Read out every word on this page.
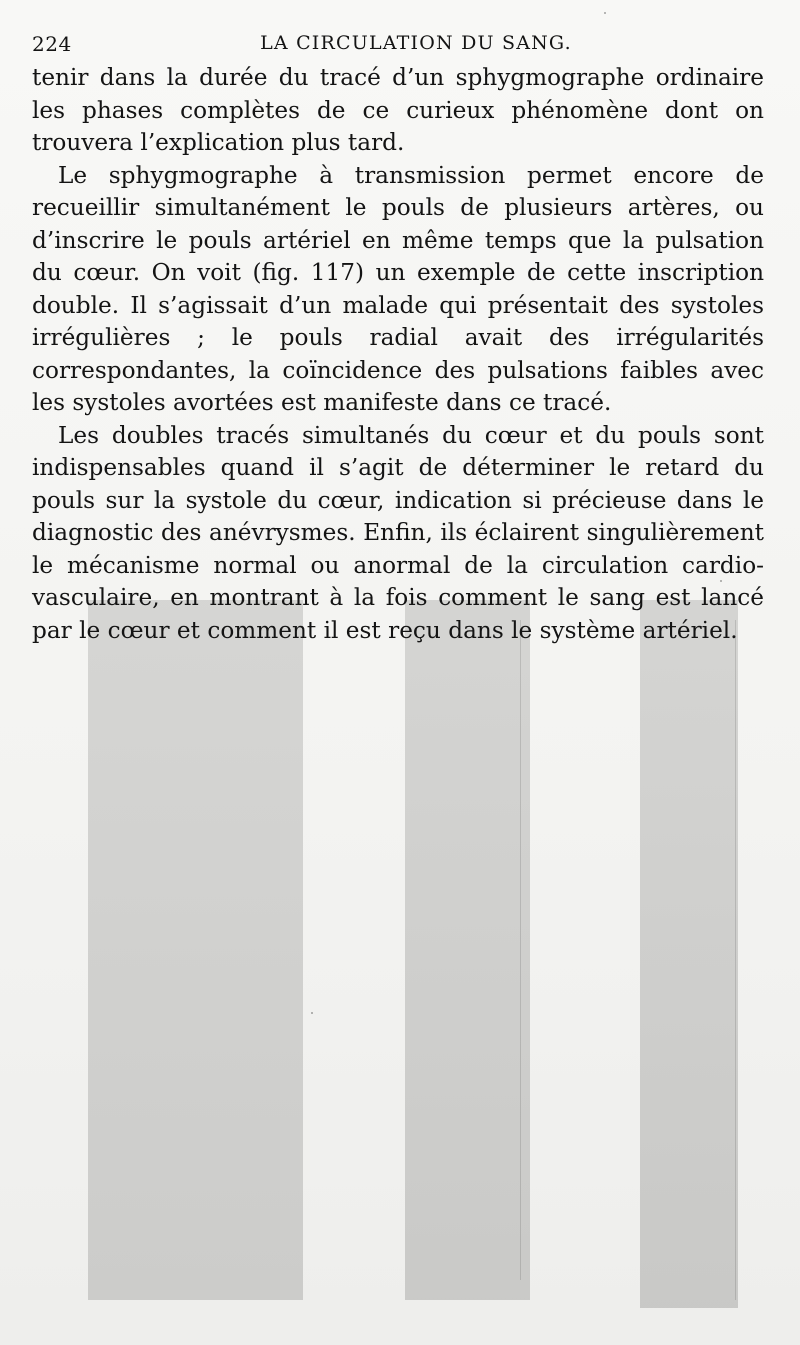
224	LA CIRCULATION DU SANG.

tenir dans la durée du tracé d’un sphygmographe ordinaire les phases complètes de ce curieux phénomène dont on trouvera l’explication plus tard.

Le sphygmographe à transmission permet encore de recueillir simultanément le pouls de plusieurs artères, ou d’inscrire le pouls artériel en même temps que la pulsation du cœur. On voit (fig. 117) un exemple de cette inscription double. Il s’agissait d’un malade qui présentait des systoles irrégulières ; le pouls radial avait des irrégularités correspondantes, la coïncidence des pulsations faibles avec les systoles avortées est manifeste dans ce tracé.

Les doubles tracés simultanés du cœur et du pouls sont indispensables quand il s’agit de déterminer le retard du pouls sur la systole du cœur, indication si précieuse dans le diagnostic des anévrysmes. Enfin, ils éclairent singulièrement le mécanisme normal ou anormal de la circulation cardio-vasculaire, en montrant à la fois comment le sang est lancé par le cœur et comment il est reçu dans le système artériel.
